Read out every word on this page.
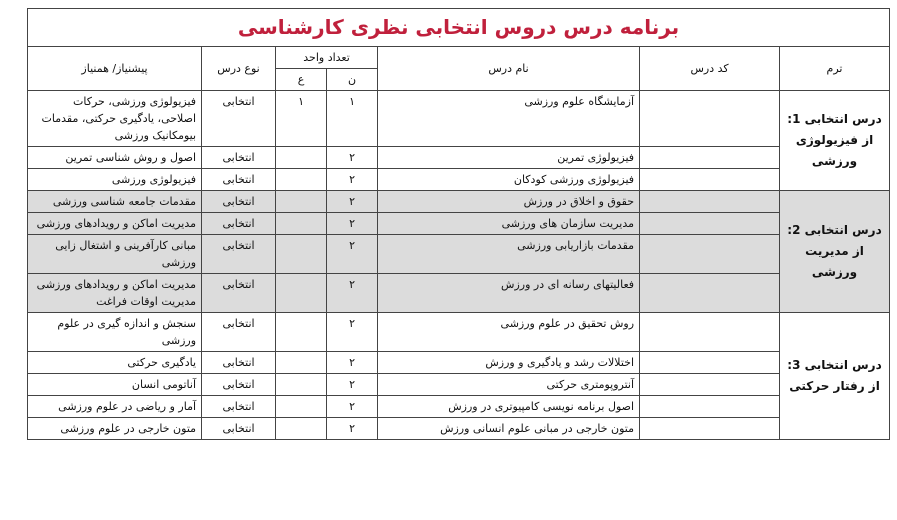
برنامه درس دروس انتخابی نظری کارشناسی						
ترم	کد درس	نام درس	تعداد واحد		نوع درس	پیشنیاز/ همنیاز
			ن	ع		
درس انتخابی 1: از فیزیولوژی ورزشی		آزمایشگاه علوم ورزشی	۱	۱	انتخابی	فیزیولوژی ورزشی، حرکات اصلاحی، یادگیری حرکتی، مقدمات بیومکانیک ورزشی
		فیزیولوژی تمرین	۲		انتخابی	اصول و روش شناسی تمرین
		فیزیولوژی ورزشی کودکان	۲		انتخابی	فیزیولوژی ورزشی
درس انتخابی 2: از مدیریت ورزشی		حقوق و اخلاق در ورزش	۲		انتخابی	مقدمات جامعه شناسی ورزشی
		مدیریت سازمان های ورزشی	۲		انتخابی	مدیریت اماکن و رویدادهای ورزشی
		مقدمات بازاریابی ورزشی	۲		انتخابی	مبانی کارآفرینی و اشتغال زایی ورزشی
		فعالیتهای رسانه ای در ورزش	۲		انتخابی	مدیریت اماکن و رویدادهای ورزشی مدیریت اوقات فراغت
درس انتخابی 3: از رفتار حرکتی		روش تحقیق در علوم ورزشی	۲		انتخابی	سنجش و اندازه گیری در علوم ورزشی
		اختلالات رشد و یادگیری و ورزش	۲		انتخابی	یادگیری حرکتی
		آنتروپومتری حرکتی	۲		انتخابی	آناتومی انسان
		اصول برنامه نویسی کامپیوتری در ورزش	۲		انتخابی	آمار و ریاضی در علوم ورزشی
		متون خارجی در مبانی علوم انسانی ورزش	۲		انتخابی	متون خارجی در علوم ورزشی
